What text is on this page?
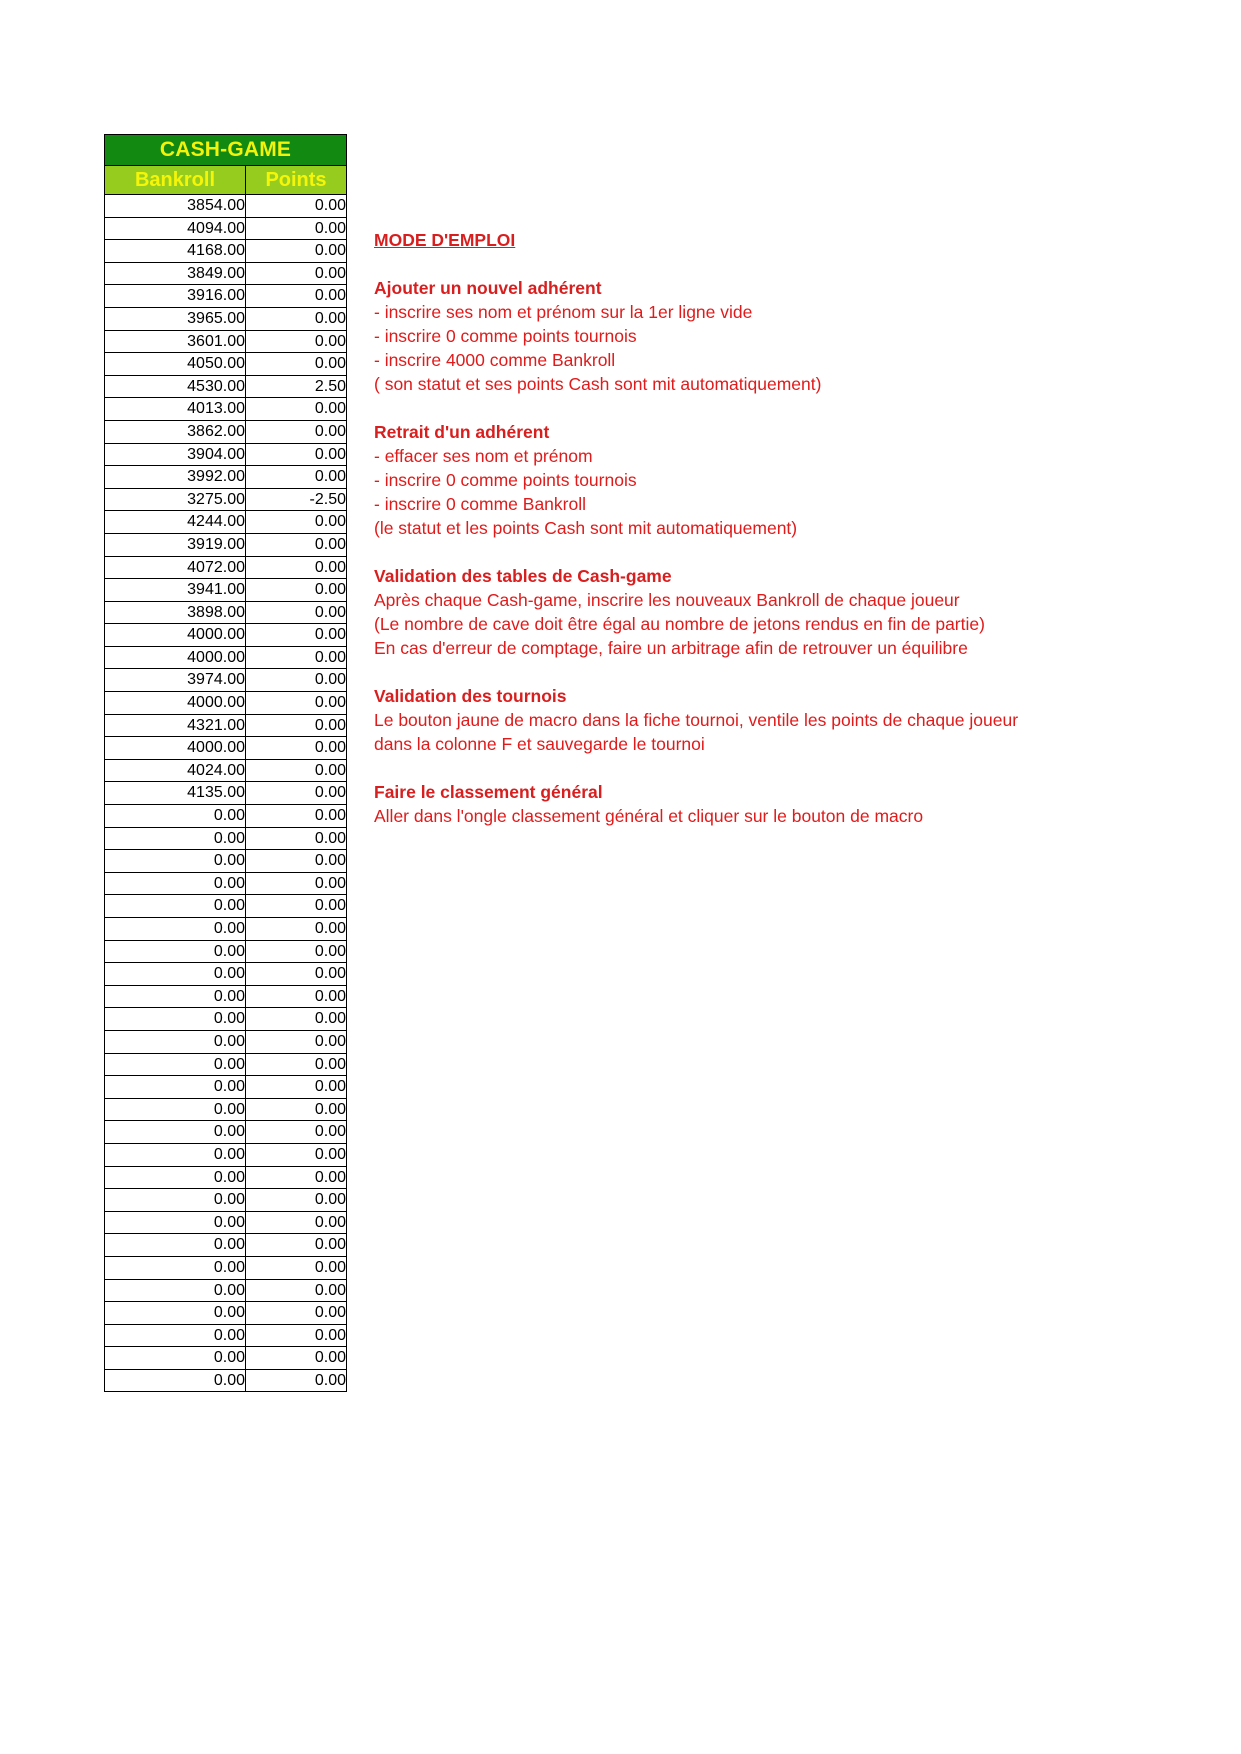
CASH-GAME	
Bankroll	Points
3854.00	0.00
4094.00	0.00
4168.00	0.00
3849.00	0.00
3916.00	0.00
3965.00	0.00
3601.00	0.00
4050.00	0.00
4530.00	2.50
4013.00	0.00
3862.00	0.00
3904.00	0.00
3992.00	0.00
3275.00	-2.50
4244.00	0.00
3919.00	0.00
4072.00	0.00
3941.00	0.00
3898.00	0.00
4000.00	0.00
4000.00	0.00
3974.00	0.00
4000.00	0.00
4321.00	0.00
4000.00	0.00
4024.00	0.00
4135.00	0.00
0.00	0.00
0.00	0.00
0.00	0.00
0.00	0.00
0.00	0.00
0.00	0.00
0.00	0.00
0.00	0.00
0.00	0.00
0.00	0.00
0.00	0.00
0.00	0.00
0.00	0.00
0.00	0.00
0.00	0.00
0.00	0.00
0.00	0.00
0.00	0.00
0.00	0.00
0.00	0.00
0.00	0.00
0.00	0.00
0.00	0.00
0.00	0.00
0.00	0.00
0.00	0.00
MODE D'EMPLOI
Ajouter un nouvel adhérent
- inscrire ses nom et prénom sur la 1er ligne vide
- inscrire 0 comme points tournois
- inscrire 4000 comme Bankroll
( son statut et ses points Cash sont mit automatiquement)
Retrait d'un adhérent
- effacer ses nom et prénom
- inscrire 0 comme points tournois
- inscrire 0 comme Bankroll
(le statut et les points Cash sont mit automatiquement)
Validation des tables de Cash-game
Après chaque Cash-game, inscrire les nouveaux Bankroll de chaque joueur
(Le nombre de cave doit être égal au nombre de jetons rendus en fin de partie)
En cas d'erreur de comptage, faire un arbitrage afin de retrouver un équilibre
Validation des tournois
Le bouton jaune de macro dans la fiche tournoi, ventile les points de chaque joueur
dans la colonne F et sauvegarde le tournoi
Faire le classement général
Aller dans l'ongle classement général et cliquer sur le bouton de macro
